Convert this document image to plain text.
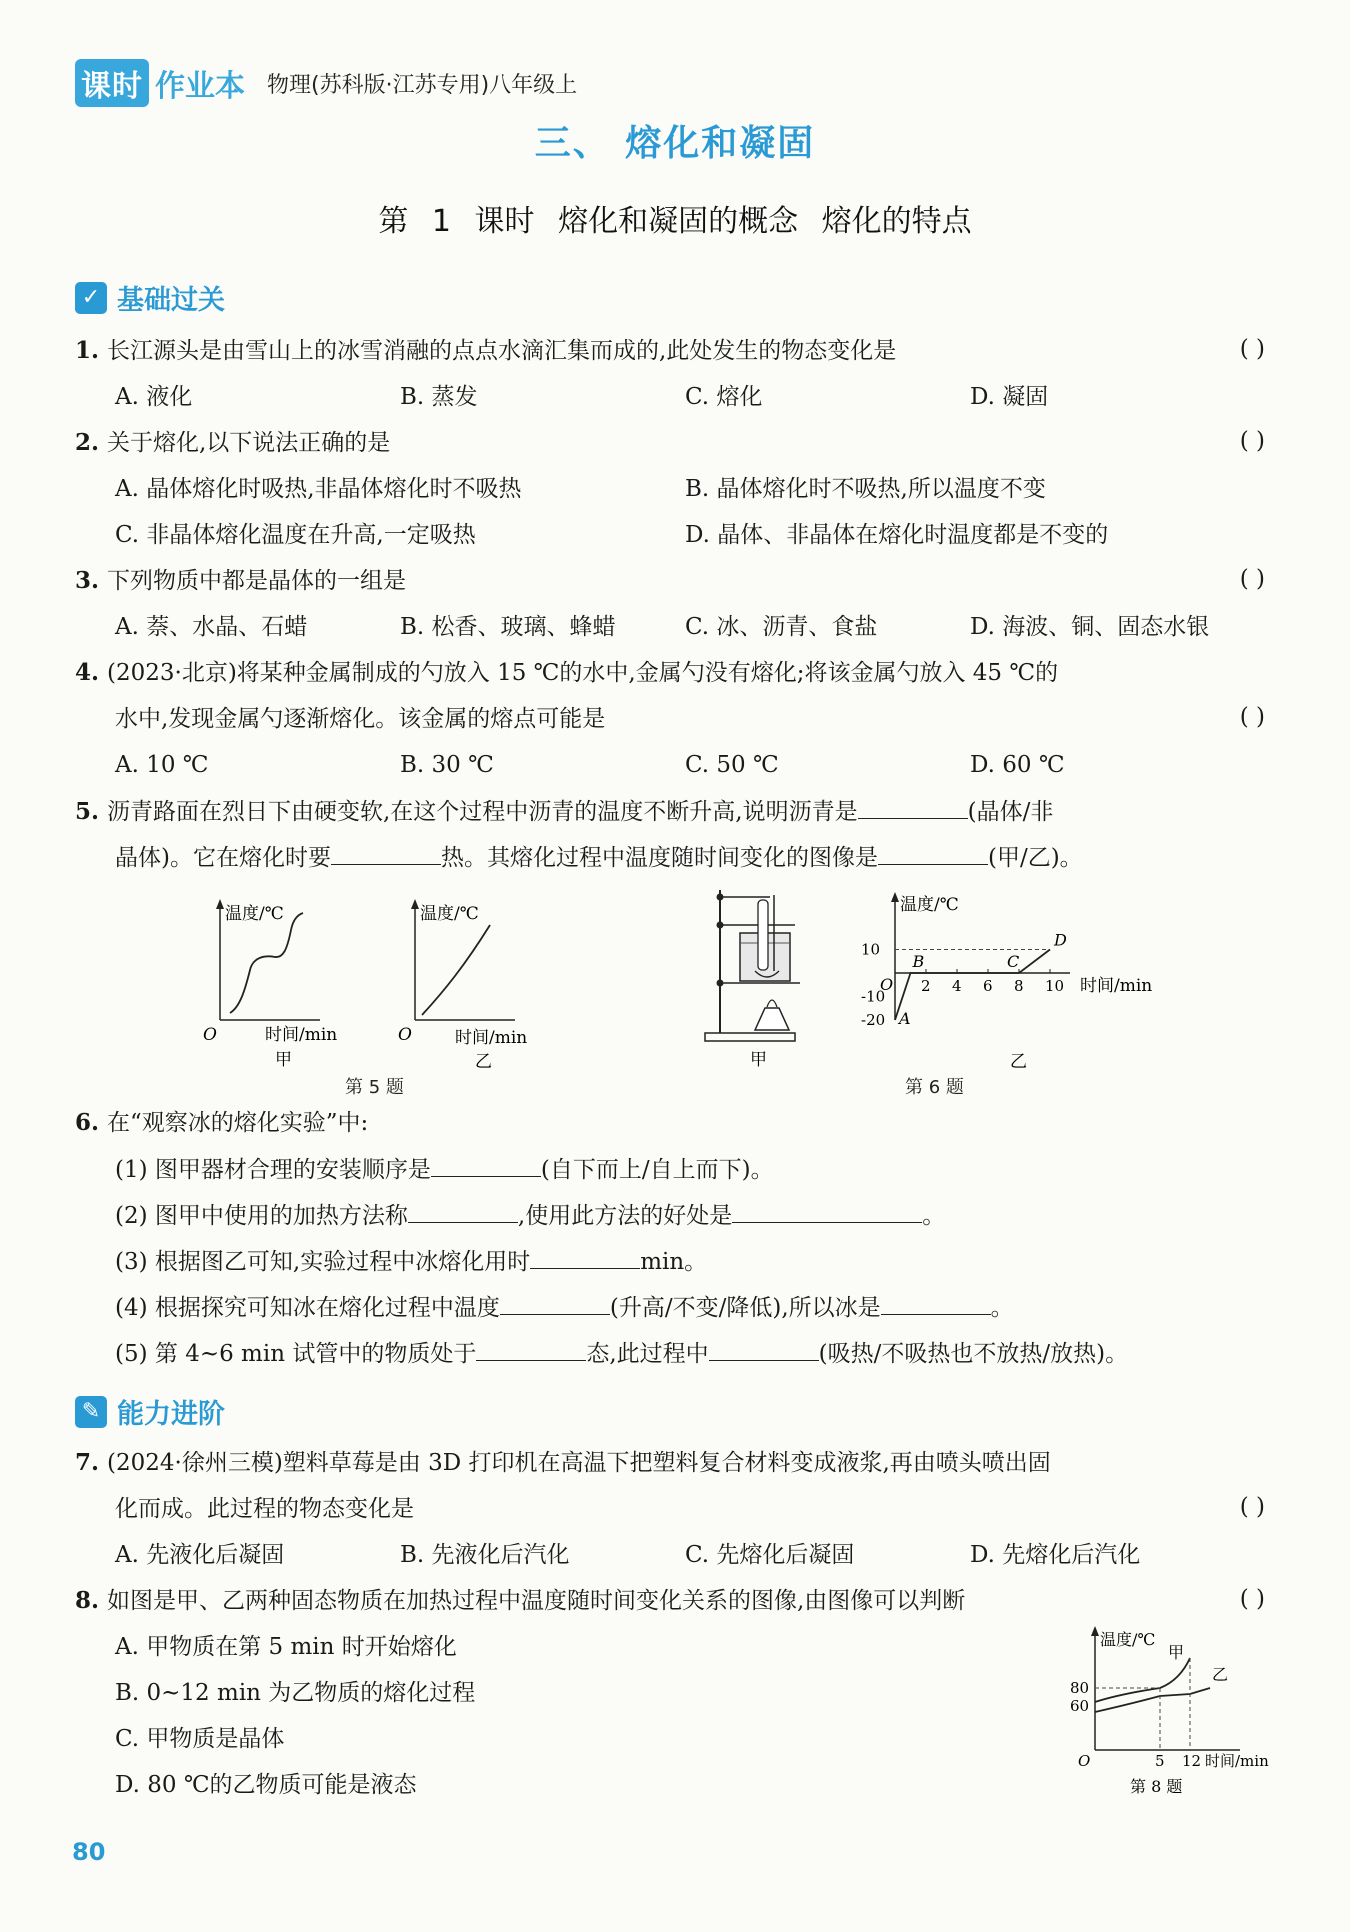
课时 作业本 物理(苏科版·江苏专用)八年级上
三、 熔化和凝固
第 1 课时 熔化和凝固的概念 熔化的特点
✓ 基础过关
1. 长江源头是由雪山上的冰雪消融的点点水滴汇集而成的,此处发生的物态变化是	( )
A. 液化	B. 蒸发	C. 熔化	D. 凝固
2. 关于熔化,以下说法正确的是	( )
A. 晶体熔化时吸热,非晶体熔化时不吸热	B. 晶体熔化时不吸热,所以温度不变
C. 非晶体熔化温度在升高,一定吸热	D. 晶体、非晶体在熔化时温度都是不变的
3. 下列物质中都是晶体的一组是	( )
A. 萘、水晶、石蜡	B. 松香、玻璃、蜂蜡	C. 冰、沥青、食盐	D. 海波、铜、固态水银
4. (2023·北京)将某种金属制成的勺放入 15 ℃的水中,金属勺没有熔化;将该金属勺放入 45 ℃的
水中,发现金属勺逐渐熔化。该金属的熔点可能是	( )
A. 10 ℃	B. 30 ℃	C. 50 ℃	D. 60 ℃
5. 沥青路面在烈日下由硬变软,在这个过程中沥青的温度不断升高,说明沥青是	(晶体/非
晶体)。它在熔化时要	热。其熔化过程中温度随时间变化的图像是	(甲/乙)。
温度/℃
O	时间/min
甲
温度/℃
O	时间/min
乙
第 5 题
甲
温度/℃
O	时间/min
2 4 6 8 10
10
-10
-20 A
B	C
D
乙
第 6 题
6. 在“观察冰的熔化实验”中:
(1) 图甲器材合理的安装顺序是	(自下而上/自上而下)。
(2) 图甲中使用的加热方法称	,使用此方法的好处是	。
(3) 根据图乙可知,实验过程中冰熔化用时	min。
(4) 根据探究可知冰在熔化过程中温度	(升高/不变/降低),所以冰是	。
(5) 第 4~6 min 试管中的物质处于	态,此过程中	(吸热/不吸热也不放热/放热)。
✎ 能力进阶
7. (2024·徐州三模)塑料草莓是由 3D 打印机在高温下把塑料复合材料变成液浆,再由喷头喷出固
化而成。此过程的物态变化是	( )
A. 先液化后凝固	B. 先液化后汽化	C. 先熔化后凝固	D. 先熔化后汽化
8. 如图是甲、乙两种固态物质在加热过程中温度随时间变化关系的图像,由图像可以判断	( )
A. 甲物质在第 5 min 时开始熔化
B. 0~12 min 为乙物质的熔化过程
C. 甲物质是晶体
D. 80 ℃的乙物质可能是液态
温度/℃
80
60
甲
乙
O	5 12 时间/min
第 8 题
80
